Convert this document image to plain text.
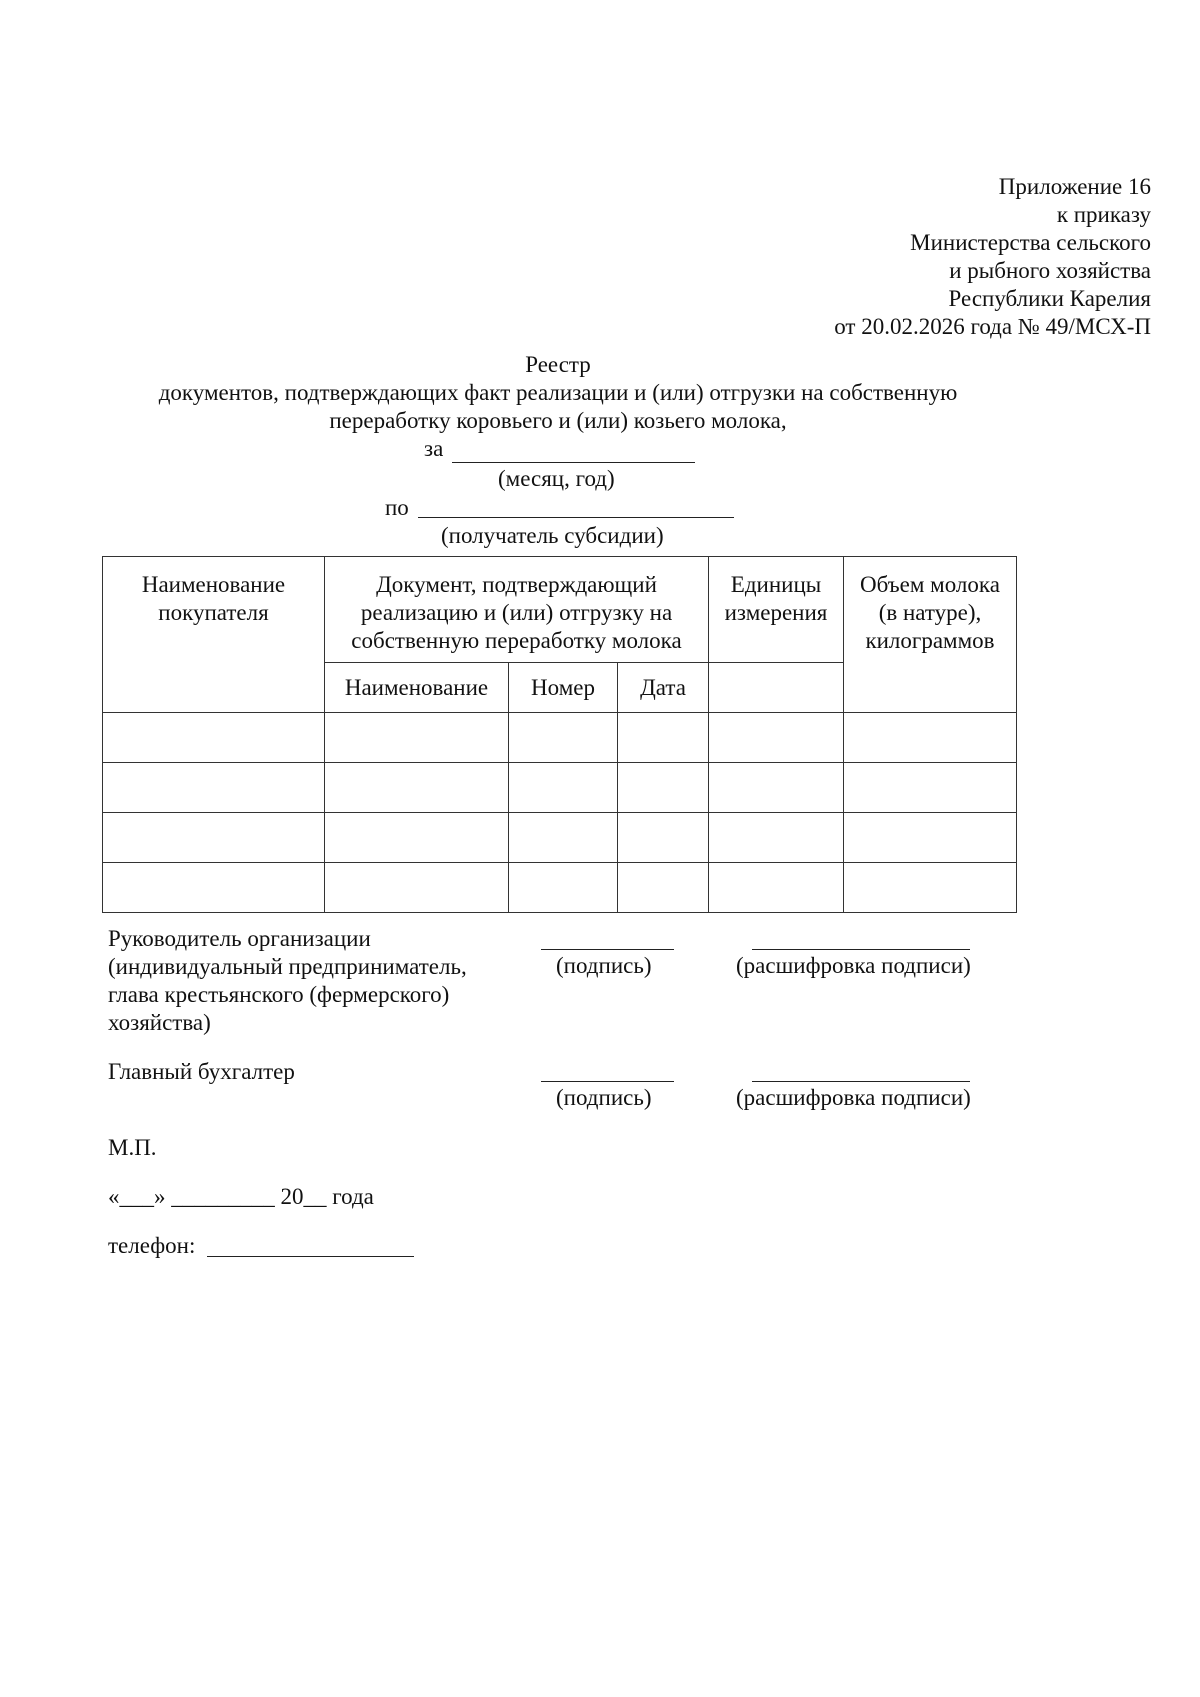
Приложение 16
к приказу
Министерства сельского
и рыбного хозяйства
Республики Карелия
от 20.02.2026 года № 49/МСХ-П
Реестр
документов, подтверждающих факт реализации и (или) отгрузки на собственную
переработку коровьего и (или) козьего молока,
за
(месяц, год)
по
(получатель субсидии)
Наименование покупателя	Документ, подтверждающий реализацию и (или) отгрузку на собственную переработку молока			Единицы измерения	Объем молока (в натуре), килограммов

	Наименование	Номер	Дата		

Руководитель организации
(индивидуальный предприниматель,
глава крестьянского (фермерского)
хозяйства)
(подпись)	(расшифровка подписи)
Главный бухгалтер
(подпись)	(расшифровка подписи)
М.П.
«___» _________ 20__ года
телефон:
